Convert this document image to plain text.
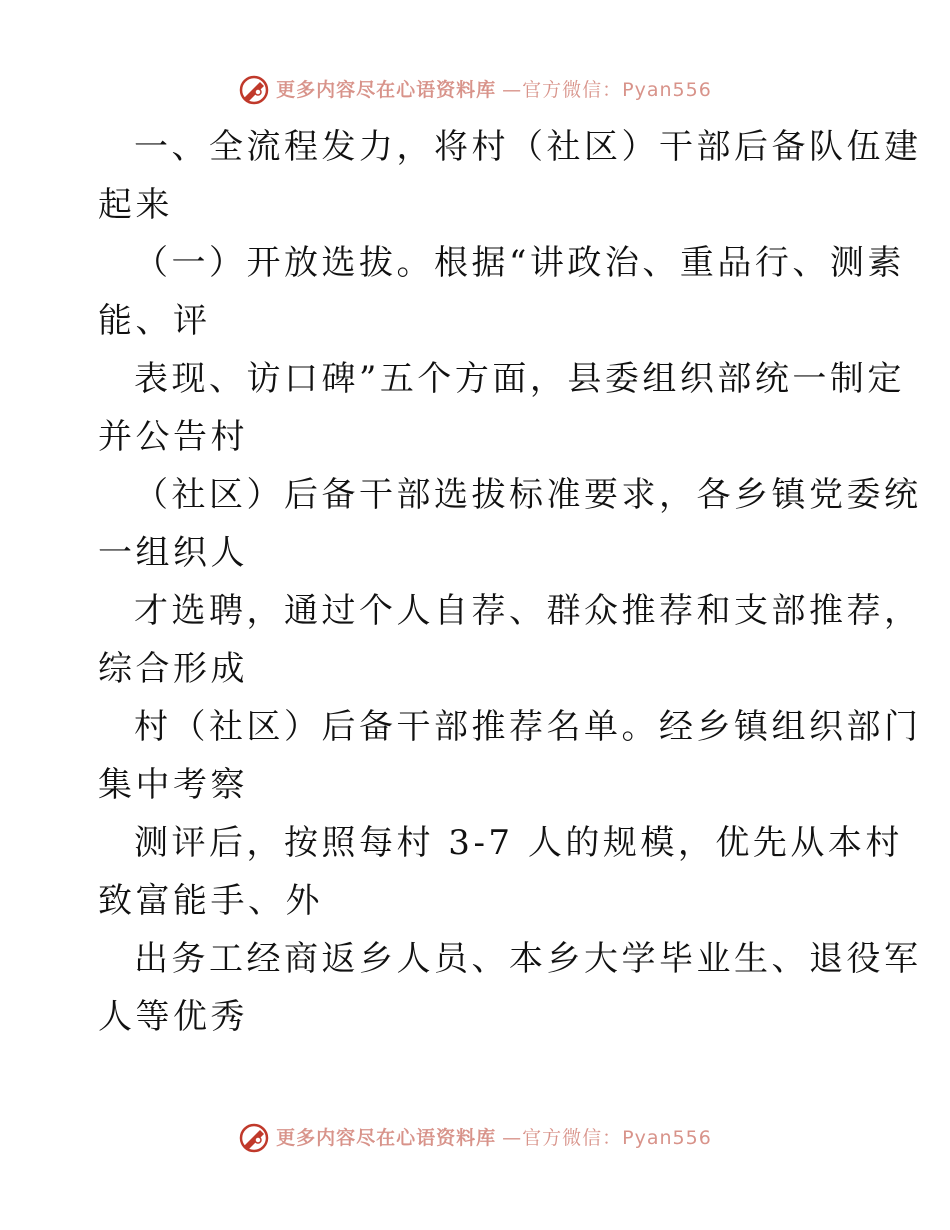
更多内容尽在心语资料库 —官方微信：Pyan556

一、全流程发力，将村（社区）干部后备队伍建
起来

（一）开放选拔。根据“讲政治、重品行、测素
能、评

表现、访口碑”五个方面，县委组织部统一制定
并公告村

（社区）后备干部选拔标准要求，各乡镇党委统
一组织人

才选聘，通过个人自荐、群众推荐和支部推荐，
综合形成

村（社区）后备干部推荐名单。经乡镇组织部门
集中考察

测评后，按照每村 3-7 人的规模，优先从本村
致富能手、外

出务工经商返乡人员、本乡大学毕业生、退役军
人等优秀

更多内容尽在心语资料库 —官方微信：Pyan556
